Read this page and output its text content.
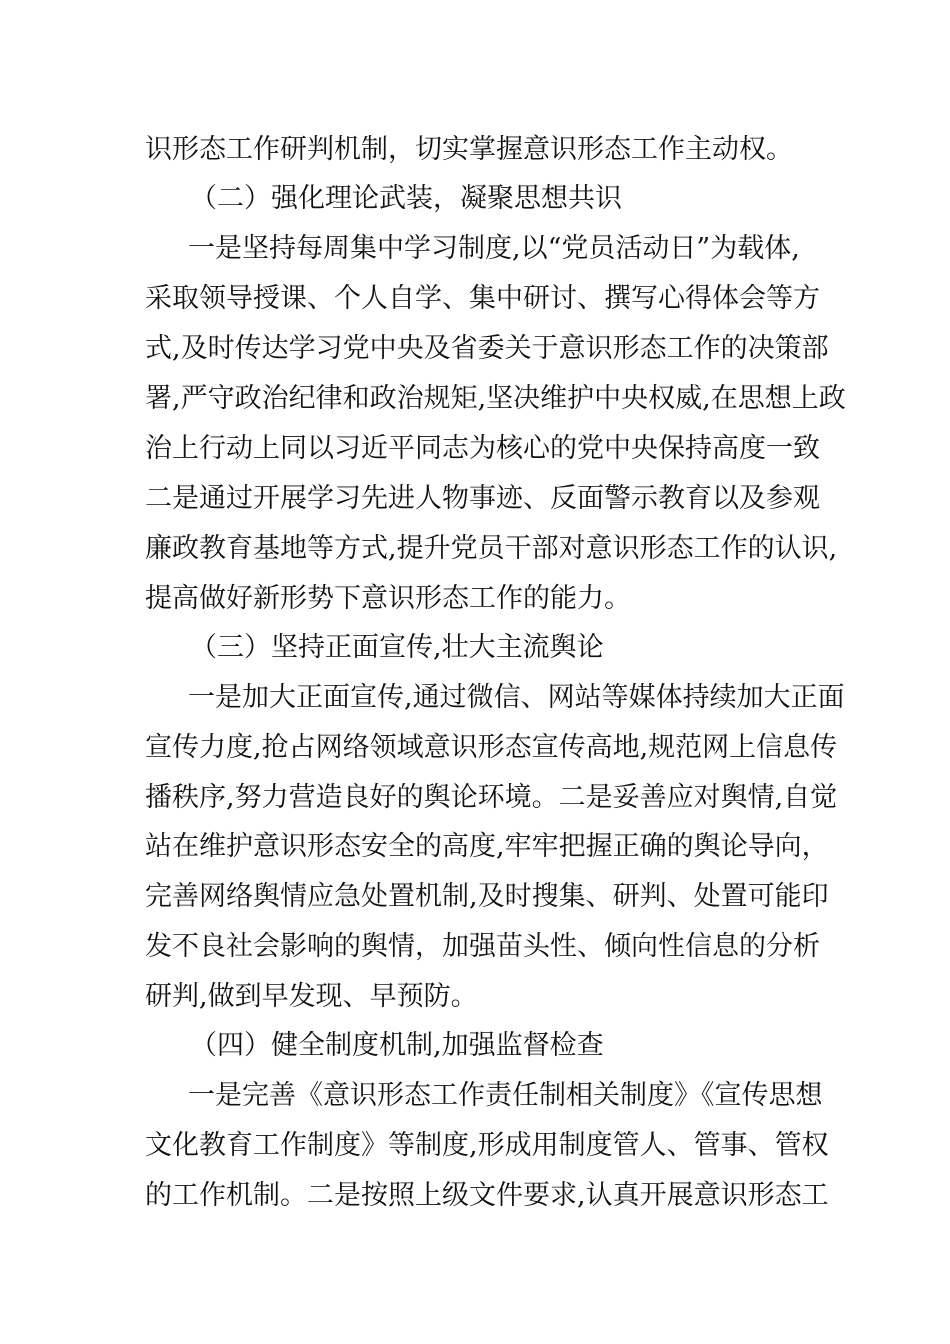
识形态工作研判机制，切实掌握意识形态工作主动权。
（二）强化理论武装，凝聚思想共识
一是坚持每周集中学习制度,以“党员活动日”为载体,
采取领导授课、个人自学、集中研讨、撰写心得体会等方
式,及时传达学习党中央及省委关于意识形态工作的决策部
署,严守政治纪律和政治规矩,坚决维护中央权威,在思想上政
治上行动上同以习近平同志为核心的党中央保持高度一致
二是通过开展学习先进人物事迹、反面警示教育以及参观
廉政教育基地等方式,提升党员干部对意识形态工作的认识,
提高做好新形势下意识形态工作的能力。
（三）坚持正面宣传,壮大主流舆论
一是加大正面宣传,通过微信、网站等媒体持续加大正面
宣传力度,抢占网络领域意识形态宣传高地,规范网上信息传
播秩序,努力营造良好的舆论环境。二是妥善应对舆情,自觉
站在维护意识形态安全的高度,牢牢把握正确的舆论导向，
完善网络舆情应急处置机制,及时搜集、研判、处置可能印
发不良社会影响的舆情，加强苗头性、倾向性信息的分析
研判,做到早发现、早预防。
（四）健全制度机制,加强监督检查
一是完善《意识形态工作责任制相关制度》《宣传思想
文化教育工作制度》等制度,形成用制度管人、管事、管权
的工作机制。二是按照上级文件要求,认真开展意识形态工
